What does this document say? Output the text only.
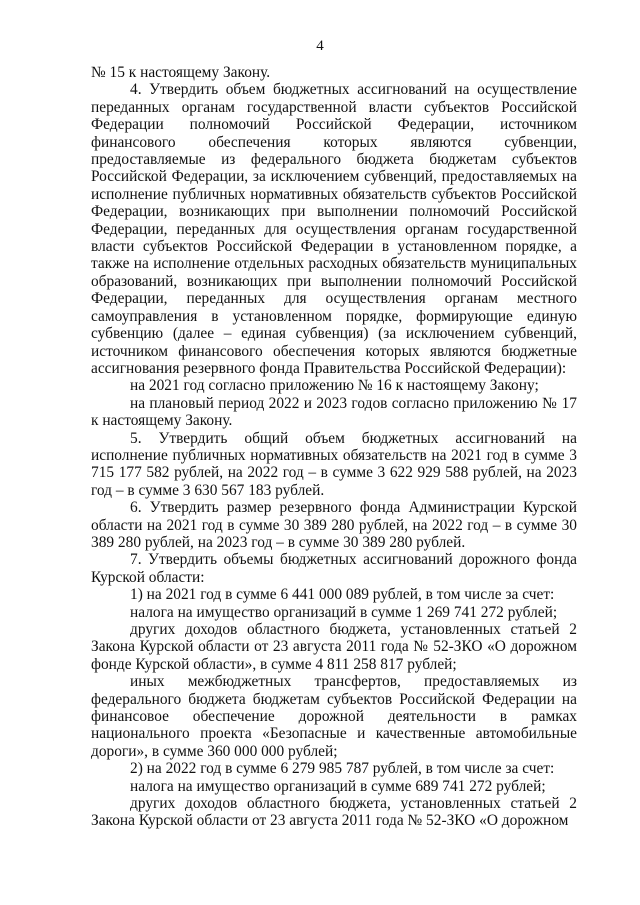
4

№ 15 к настоящему Закону.

4. Утвердить объем бюджетных ассигнований на осуществление переданных органам государственной власти субъектов Российской Федерации полномочий Российской Федерации, источником финансового обеспечения которых являются субвенции, предоставляемые из федерального бюджета бюджетам субъектов Российской Федерации, за исключением субвенций, предоставляемых на исполнение публичных нормативных обязательств субъектов Российской Федерации, возникающих при выполнении полномочий Российской Федерации, переданных для осуществления органам государственной власти субъектов Российской Федерации в установленном порядке, а также на исполнение отдельных расходных обязательств муниципальных образований, возникающих при выполнении полномочий Российской Федерации, переданных для осуществления органам местного самоуправления в установленном порядке, формирующие единую субвенцию (далее – единая субвенция) (за исключением субвенций, источником финансового обеспечения которых являются бюджетные ассигнования резервного фонда Правительства Российской Федерации):

на 2021 год согласно приложению № 16 к настоящему Закону;

на плановый период 2022 и 2023 годов согласно приложению № 17 к настоящему Закону.

5. Утвердить общий объем бюджетных ассигнований на исполнение публичных нормативных обязательств на 2021 год в сумме 3 715 177 582 рублей, на 2022 год – в сумме 3 622 929 588 рублей, на 2023 год – в сумме 3 630 567 183 рублей.

6. Утвердить размер резервного фонда Администрации Курской области на 2021 год в сумме 30 389 280 рублей, на 2022 год – в сумме 30 389 280 рублей, на 2023 год – в сумме 30 389 280 рублей.

7. Утвердить объемы бюджетных ассигнований дорожного фонда Курской области:

1) на 2021 год в сумме 6 441 000 089 рублей, в том числе за счет:

налога на имущество организаций в сумме 1 269 741 272 рублей;

других доходов областного бюджета, установленных статьей 2 Закона Курской области от 23 августа 2011 года № 52-ЗКО «О дорожном фонде Курской области», в сумме 4 811 258 817 рублей;

иных межбюджетных трансфертов, предоставляемых из федерального бюджета бюджетам субъектов Российской Федерации на финансовое обеспечение дорожной деятельности в рамках национального проекта «Безопасные и качественные автомобильные дороги», в сумме 360 000 000 рублей;

2) на 2022 год в сумме 6 279 985 787 рублей, в том числе за счет:

налога на имущество организаций в сумме 689 741 272 рублей;

других доходов областного бюджета, установленных статьей 2 Закона Курской области от 23 августа 2011 года № 52-ЗКО «О дорожном
